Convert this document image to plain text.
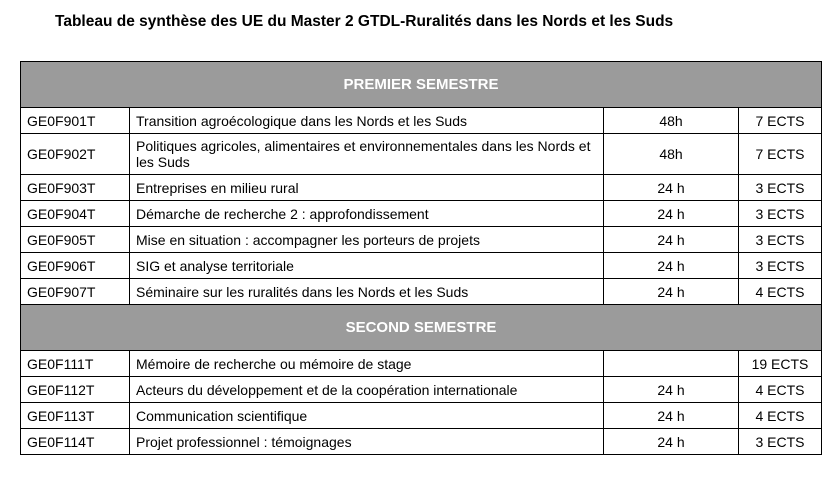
Tableau de synthèse des UE du Master 2 GTDL-Ruralités dans les Nords et les Suds
PREMIER SEMESTRE			
GE0F901T	Transition agroécologique dans les Nords et les Suds	48h	7 ECTS
GE0F902T	Politiques agricoles, alimentaires et environnementales dans les Nords et les Suds	48h	7 ECTS
GE0F903T	Entreprises en milieu rural	24 h	3 ECTS
GE0F904T	Démarche de recherche 2 : approfondissement	24 h	3 ECTS
GE0F905T	Mise en situation : accompagner les porteurs de projets	24 h	3 ECTS
GE0F906T	SIG et analyse territoriale	24 h	3 ECTS
GE0F907T	Séminaire sur les ruralités dans les Nords et les Suds	24 h	4 ECTS
SECOND SEMESTRE			
GE0F111T	Mémoire de recherche ou mémoire de stage		19 ECTS
GE0F112T	Acteurs du développement et de la coopération internationale	24 h	4 ECTS
GE0F113T	Communication scientifique	24 h	4 ECTS
GE0F114T	Projet professionnel : témoignages	24 h	3 ECTS
